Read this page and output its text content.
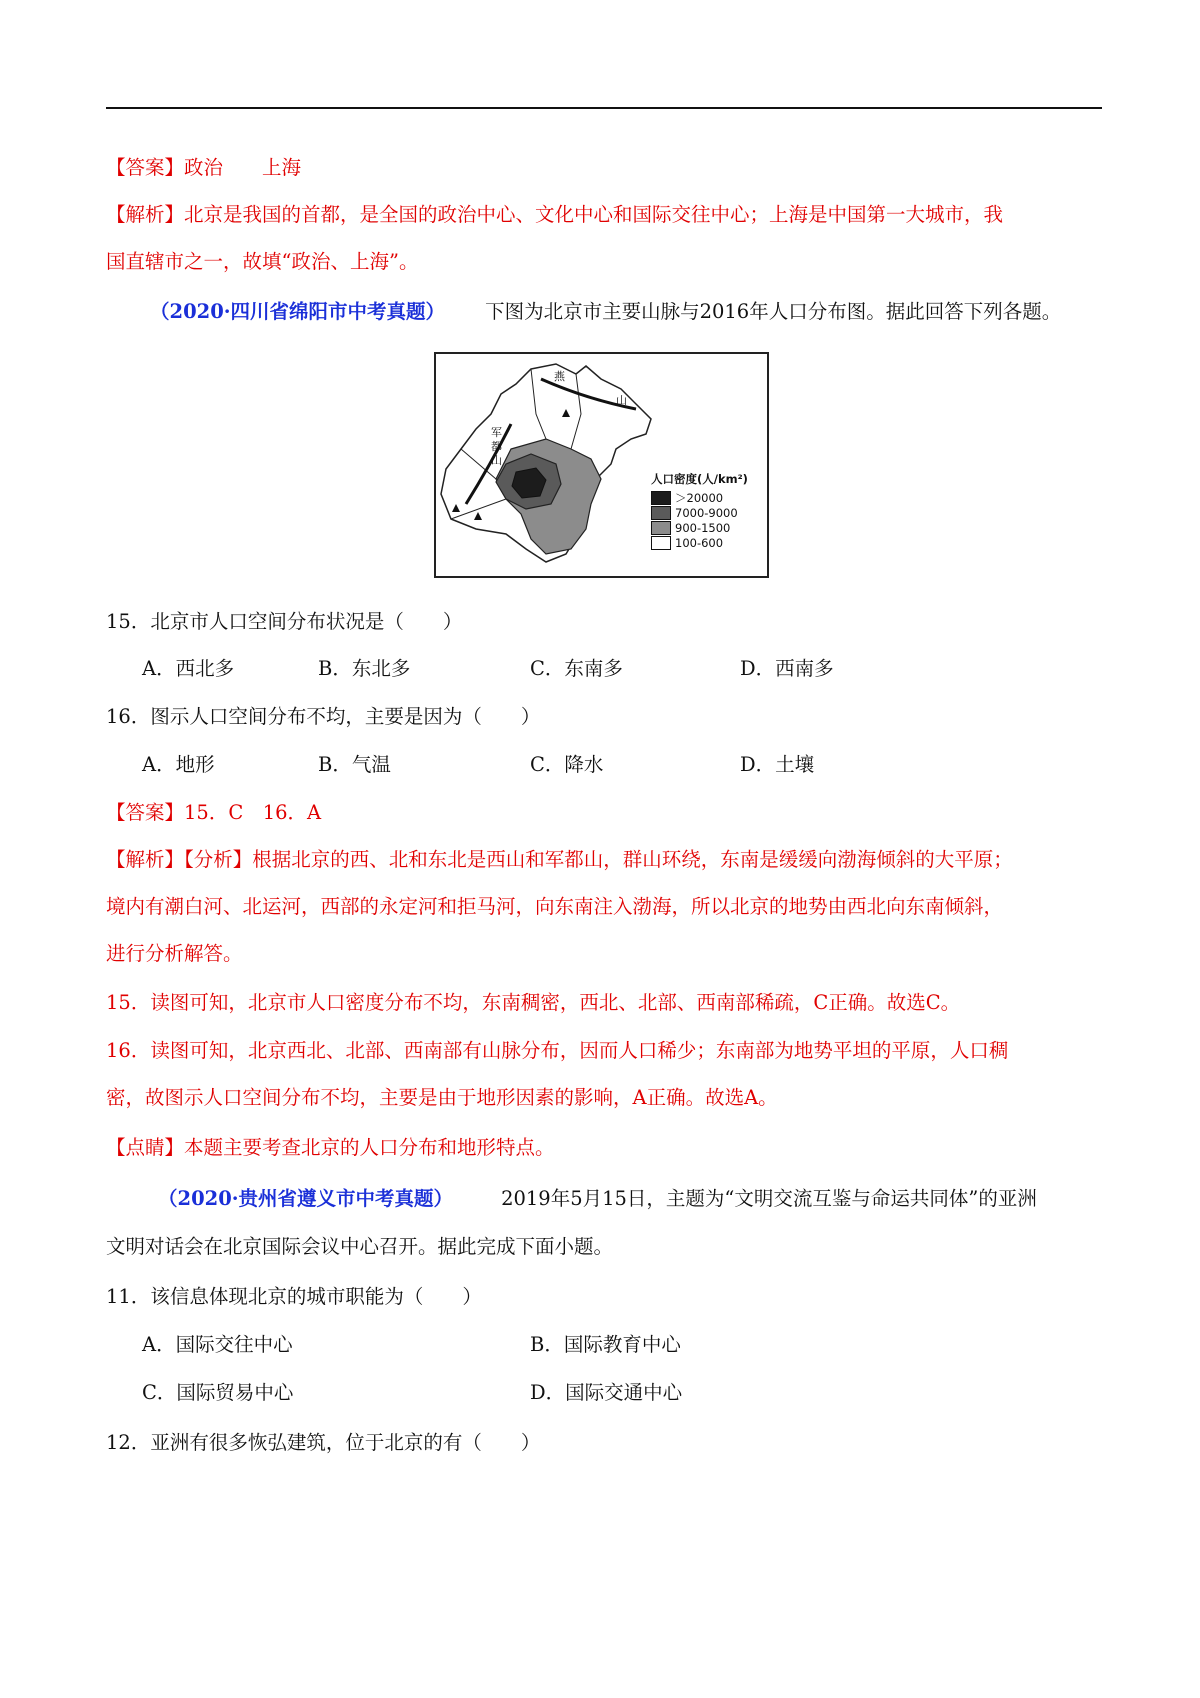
【答案】政治　　上海
【解析】北京是我国的首都，是全国的政治中心、文化中心和国际交往中心；上海是中国第一大城市，我
国直辖市之一，故填“政治、上海”。
（2020·四川省绵阳市中考真题） 下图为北京市主要山脉与2016年人口分布图。据此回答下列各题。
燕
山
军
都
山
人口密度(人/km²)
＞20000
7000-9000
900-1500
100-600
15．北京市人口空间分布状况是（　　）
A．西北多	B．东北多	C．东南多	D．西南多
16．图示人口空间分布不均，主要是因为（　　）
A．地形	B．气温	C．降水	D．土壤
【答案】15．C　16．A
【解析】【分析】根据北京的西、北和东北是西山和军都山，群山环绕，东南是缓缓向渤海倾斜的大平原；
境内有潮白河、北运河，西部的永定河和拒马河，向东南注入渤海，所以北京的地势由西北向东南倾斜，
进行分析解答。
15．读图可知，北京市人口密度分布不均，东南稠密，西北、北部、西南部稀疏，C正确。故选C。
16．读图可知，北京西北、北部、西南部有山脉分布，因而人口稀少；东南部为地势平坦的平原，人口稠
密，故图示人口空间分布不均，主要是由于地形因素的影响，A正确。故选A。
【点睛】本题主要考查北京的人口分布和地形特点。
（2020·贵州省遵义市中考真题） 2019年5月15日，主题为“文明交流互鉴与命运共同体”的亚洲
文明对话会在北京国际会议中心召开。据此完成下面小题。
11．该信息体现北京的城市职能为（　　）
A．国际交往中心	B．国际教育中心
C．国际贸易中心	D．国际交通中心
12．亚洲有很多恢弘建筑，位于北京的有（　　）
